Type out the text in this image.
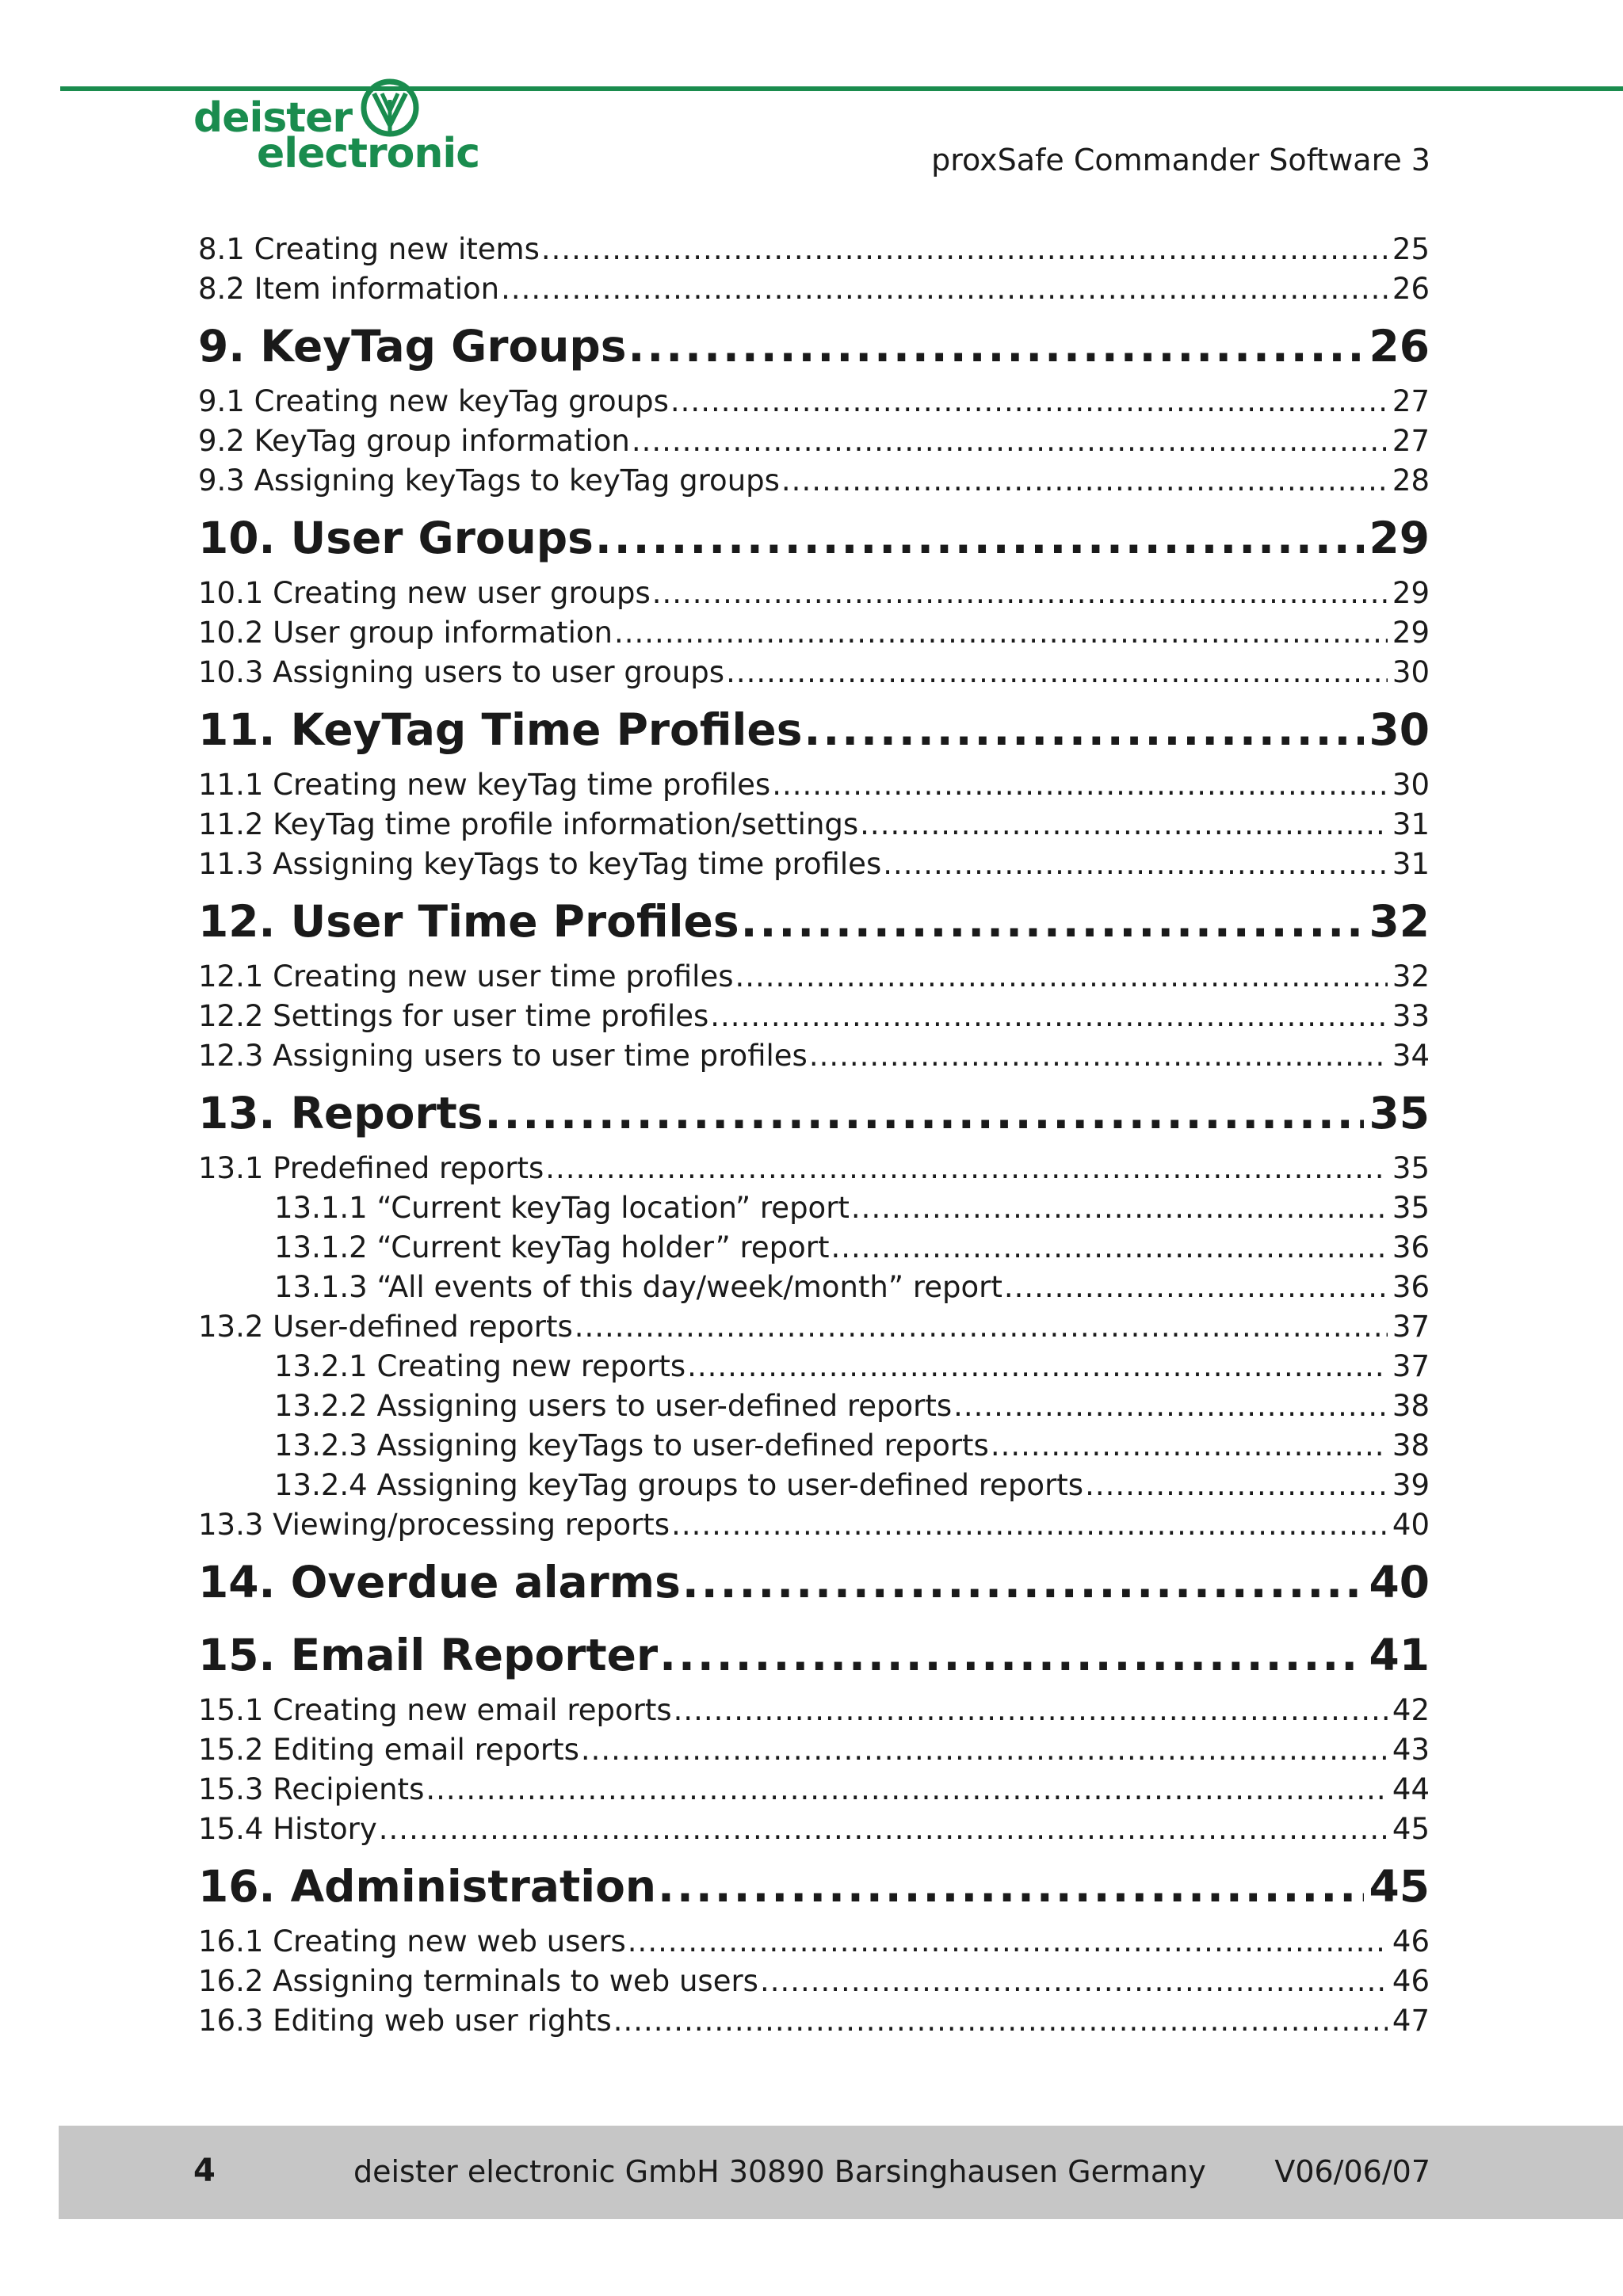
deister
electronic	proxSafe Commander Software 3
8.1 Creating new items .....	25
8.2 Item information .....	26
9. KeyTag Groups .....	26
9.1 Creating new keyTag groups .....	27
9.2 KeyTag group information .....	27
9.3 Assigning keyTags to keyTag groups .....	28
10. User Groups .....	29
10.1 Creating new user groups .....	29
10.2 User group information .....	29
10.3 Assigning users to user groups .....	30
11. KeyTag Time Profiles .....	30
11.1 Creating new keyTag time profiles .....	30
11.2 KeyTag time profile information/settings .....	31
11.3 Assigning keyTags to keyTag time profiles .....	31
12. User Time Profiles .....	32
12.1 Creating new user time profiles .....	32
12.2 Settings for user time profiles .....	33
12.3 Assigning users to user time profiles .....	34
13. Reports .....	35
13.1 Predefined reports .....	35
13.1.1 “Current keyTag location” report .....	35
13.1.2 “Current keyTag holder” report .....	36
13.1.3 “All events of this day/week/month” report .....	36
13.2 User-defined reports .....	37
13.2.1 Creating new reports .....	37
13.2.2 Assigning users to user-defined reports .....	38
13.2.3 Assigning keyTags to user-defined reports .....	38
13.2.4 Assigning keyTag groups to user-defined reports .....	39
13.3 Viewing/processing reports .....	40
14. Overdue alarms .....	40
15. Email Reporter .....	41
15.1 Creating new email reports .....	42
15.2 Editing email reports .....	43
15.3 Recipients .....	44
15.4 History .....	45
16. Administration .....	45
16.1 Creating new web users .....	46
16.2 Assigning terminals to web users .....	46
16.3 Editing web user rights .....	47
4	deister electronic GmbH 30890 Barsinghausen Germany V06/06/07
